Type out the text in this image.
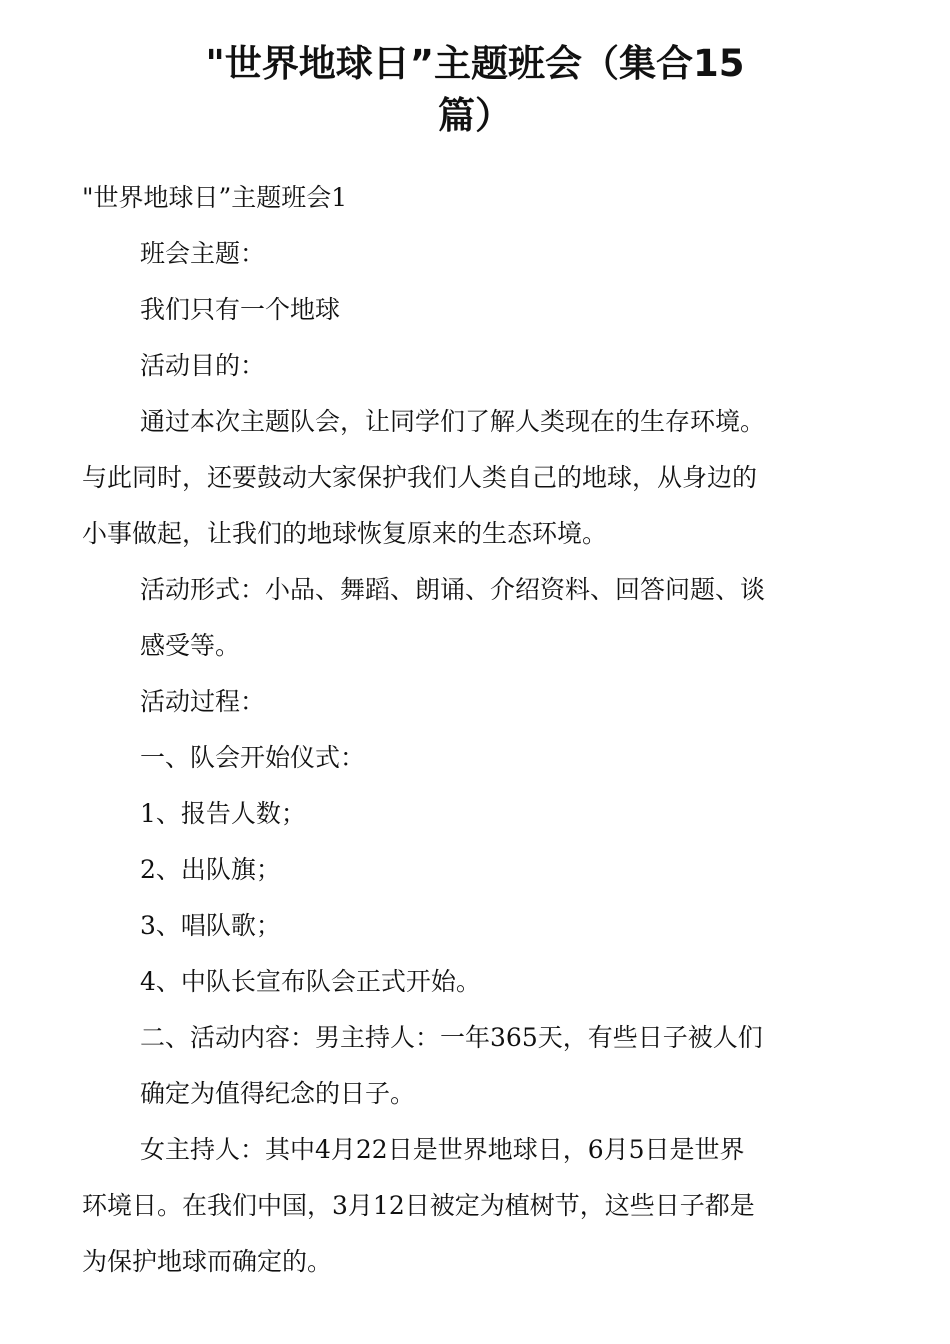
"世界地球日”主题班会（集合15
篇）

"世界地球日”主题班会1

班会主题：

我们只有一个地球

活动目的：

通过本次主题队会，让同学们了解人类现在的生存环境。

与此同时，还要鼓动大家保护我们人类自己的地球，从身边的

小事做起，让我们的地球恢复原来的生态环境。

活动形式：小品、舞蹈、朗诵、介绍资料、回答问题、谈

感受等。

活动过程：

一、队会开始仪式：

1、报告人数；

2、出队旗；

3、唱队歌；

4、中队长宣布队会正式开始。

二、活动内容：男主持人：一年365天，有些日子被人们

确定为值得纪念的日子。

女主持人：其中4月22日是世界地球日，6月5日是世界

环境日。在我们中国，3月12日被定为植树节，这些日子都是

为保护地球而确定的。
